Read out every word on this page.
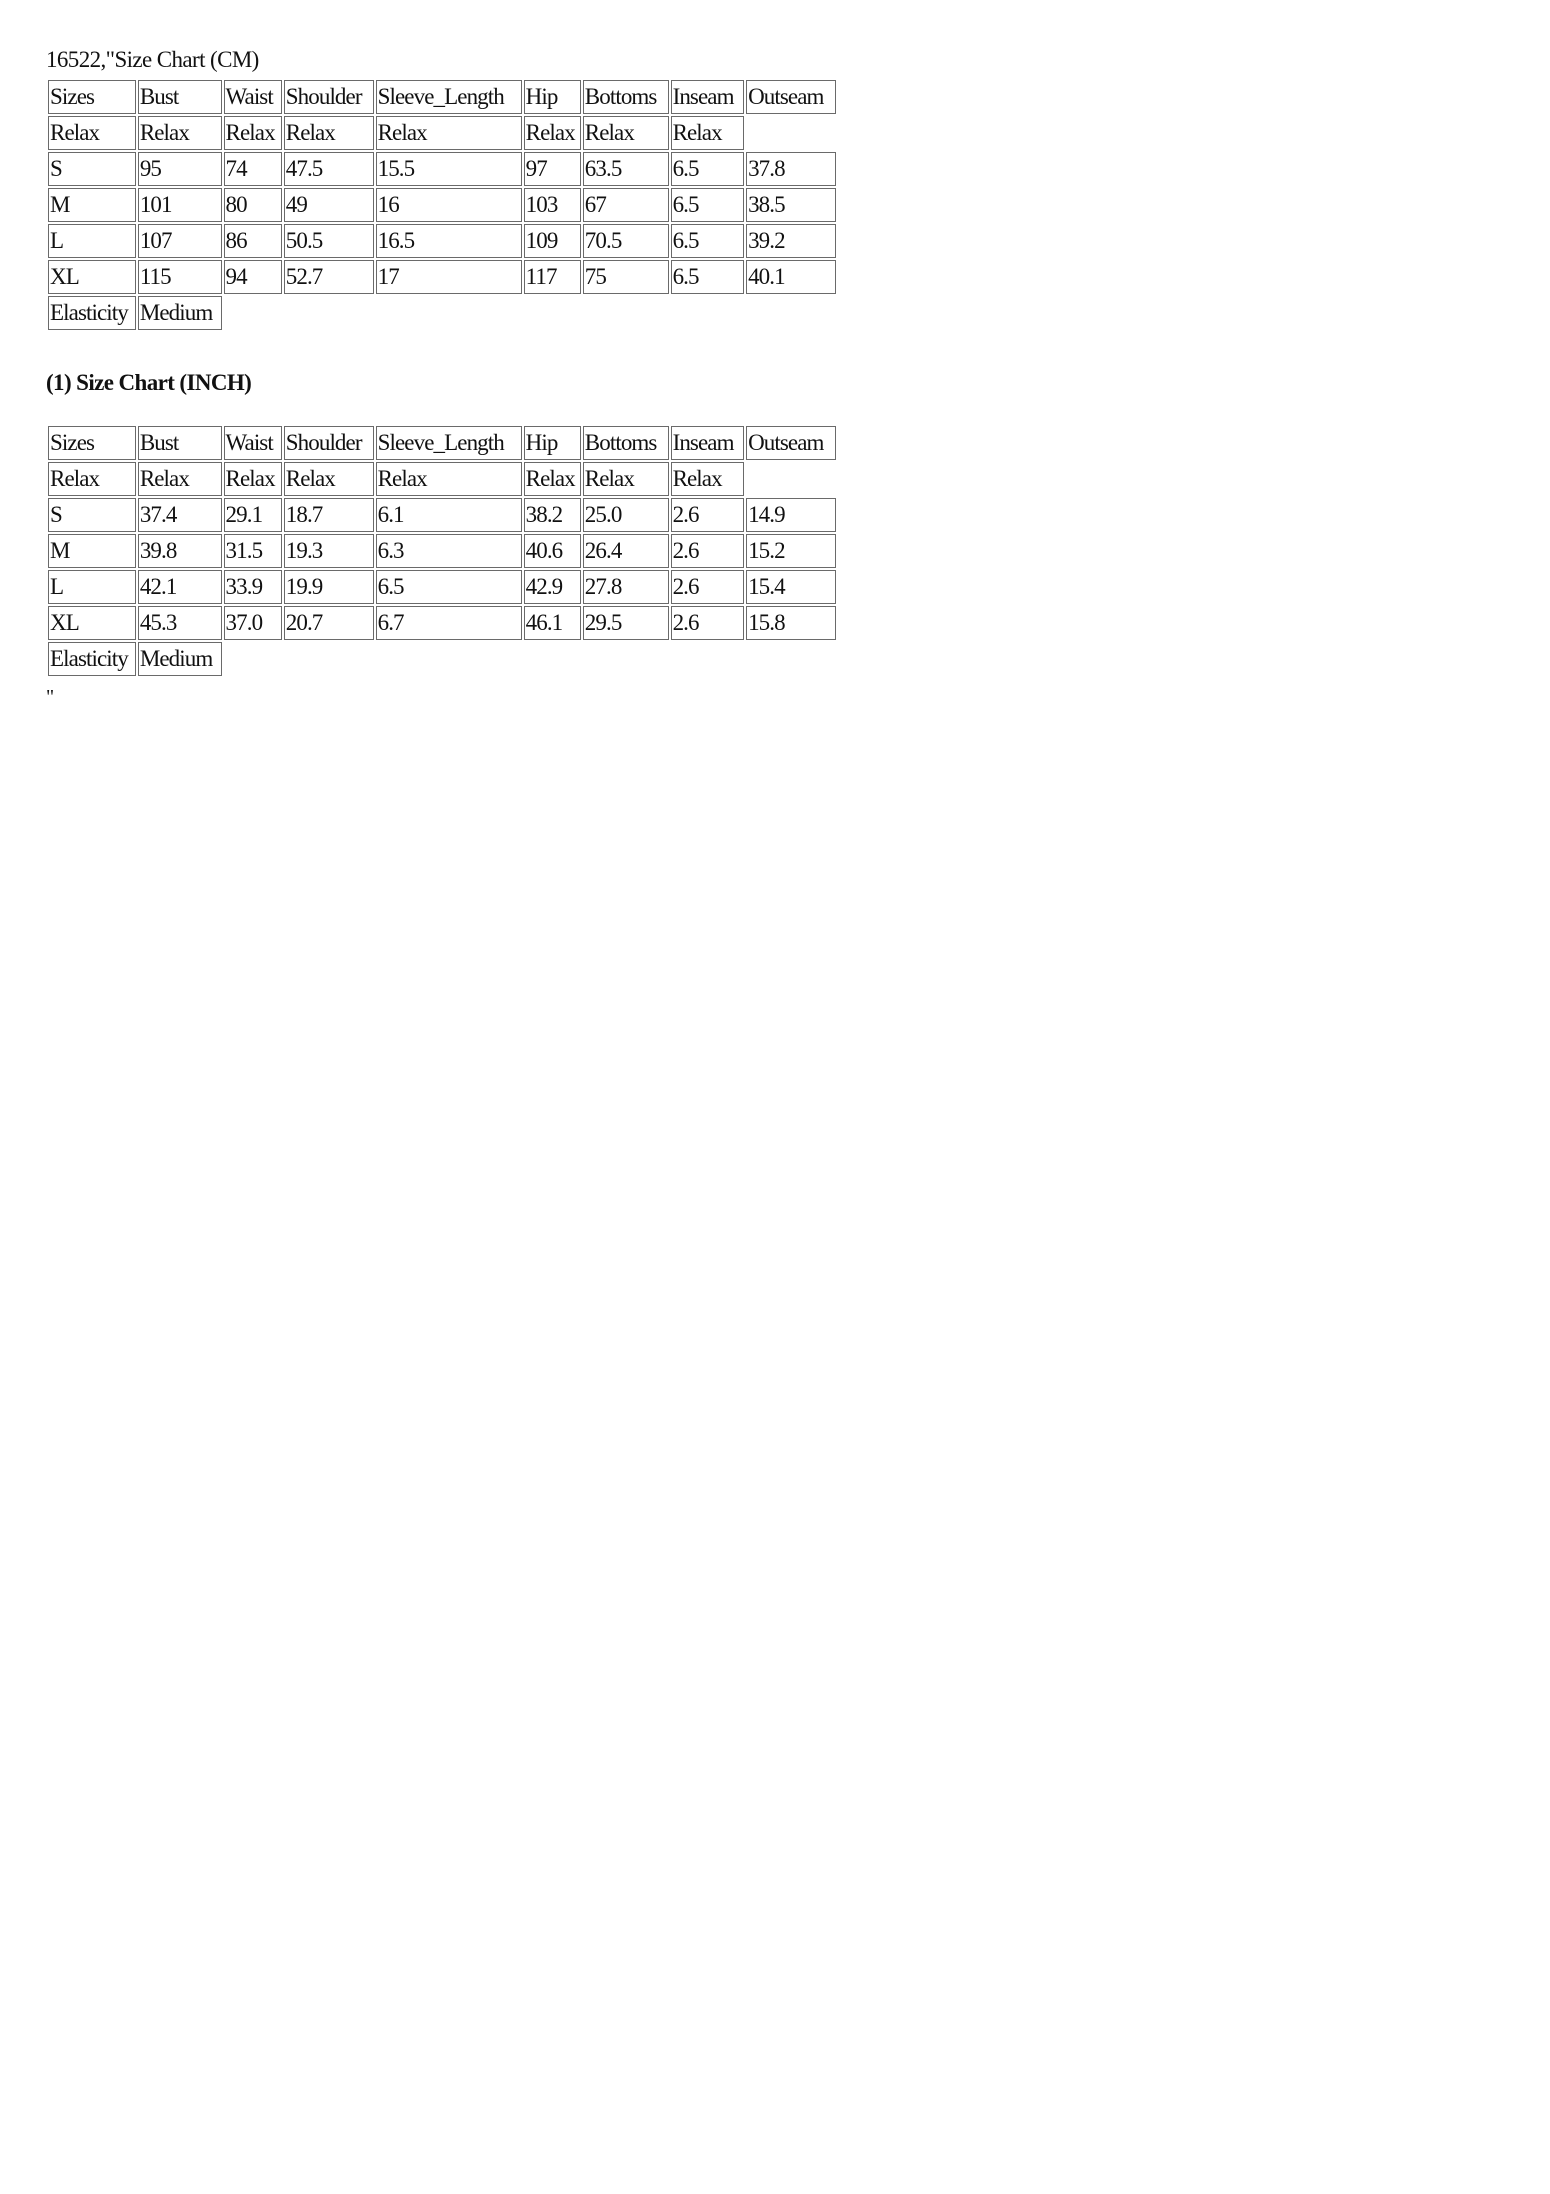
16522,"Size Chart (CM)
Sizes	Bust	Waist	Shoulder	Sleeve_Length	Hip	Bottoms	Inseam	Outseam
Relax	Relax	Relax	Relax	Relax	Relax	Relax	Relax	
S	95	74	47.5	15.5	97	63.5	6.5	37.8
M	101	80	49	16	103	67	6.5	38.5
L	107	86	50.5	16.5	109	70.5	6.5	39.2
XL	115	94	52.7	17	117	75	6.5	40.1
Elasticity	Medium							
(1) Size Chart (INCH)
Sizes	Bust	Waist	Shoulder	Sleeve_Length	Hip	Bottoms	Inseam	Outseam
Relax	Relax	Relax	Relax	Relax	Relax	Relax	Relax	
S	37.4	29.1	18.7	6.1	38.2	25.0	2.6	14.9
M	39.8	31.5	19.3	6.3	40.6	26.4	2.6	15.2
L	42.1	33.9	19.9	6.5	42.9	27.8	2.6	15.4
XL	45.3	37.0	20.7	6.7	46.1	29.5	2.6	15.8
Elasticity	Medium							
"
